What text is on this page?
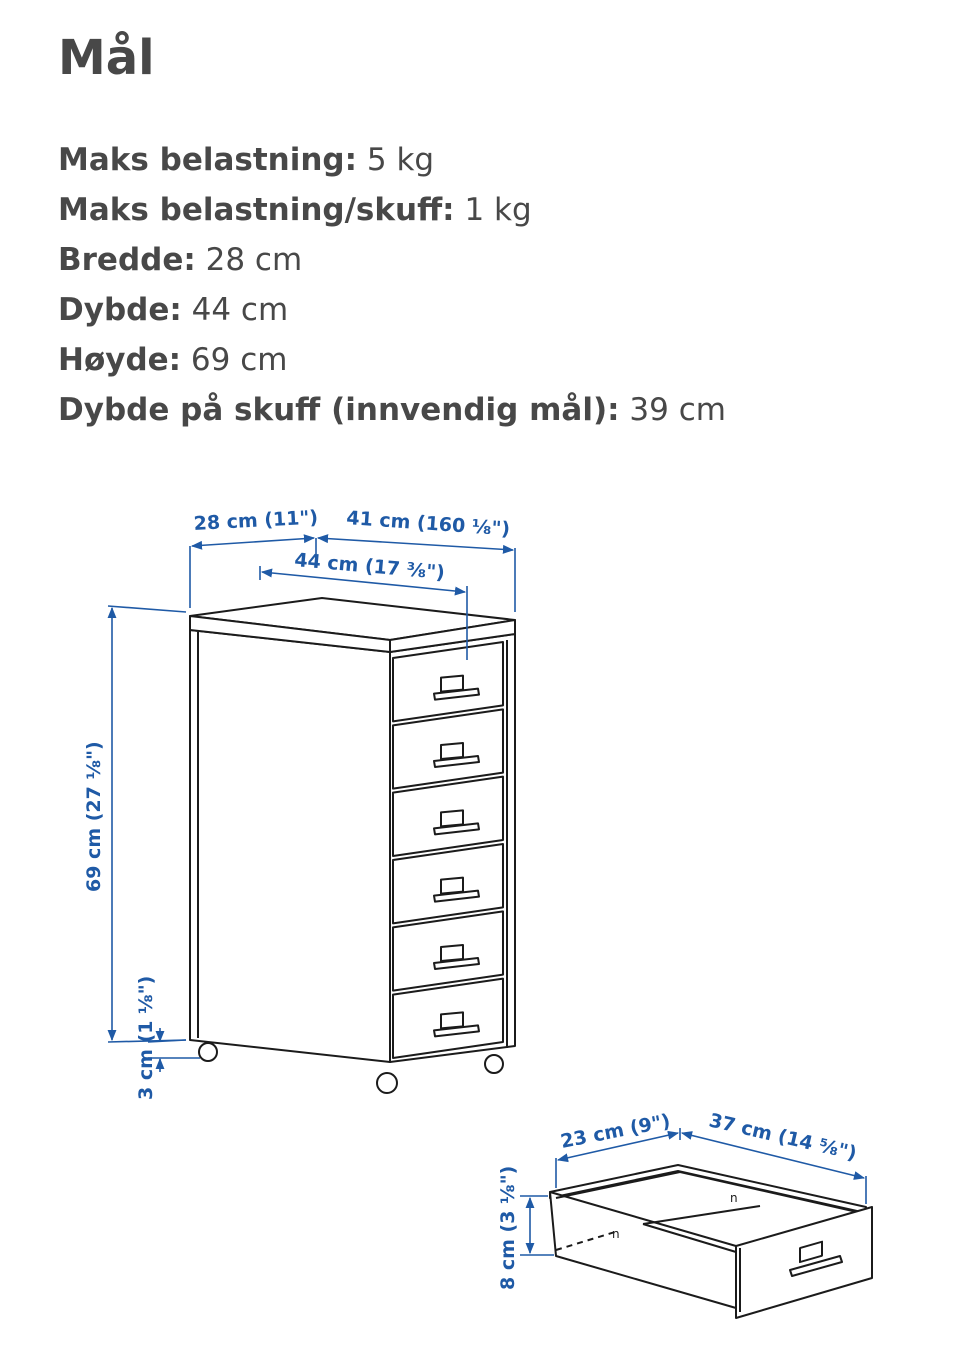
Mål
Maks belastning: 5 kg
Maks belastning/skuff: 1 kg
Bredde: 28 cm
Dybde: 44 cm
Høyde: 69 cm
Dybde på skuff (innvendig mål): 39 cm
28 cm (11") 41 cm (160 ⅛")
44 cm (17 ⅜")
69 cm (27 ⅛")
3 cm (1 ⅛")
n
n
23 cm (9") 37 cm (14 ⅝")
8 cm (3 ⅛")
